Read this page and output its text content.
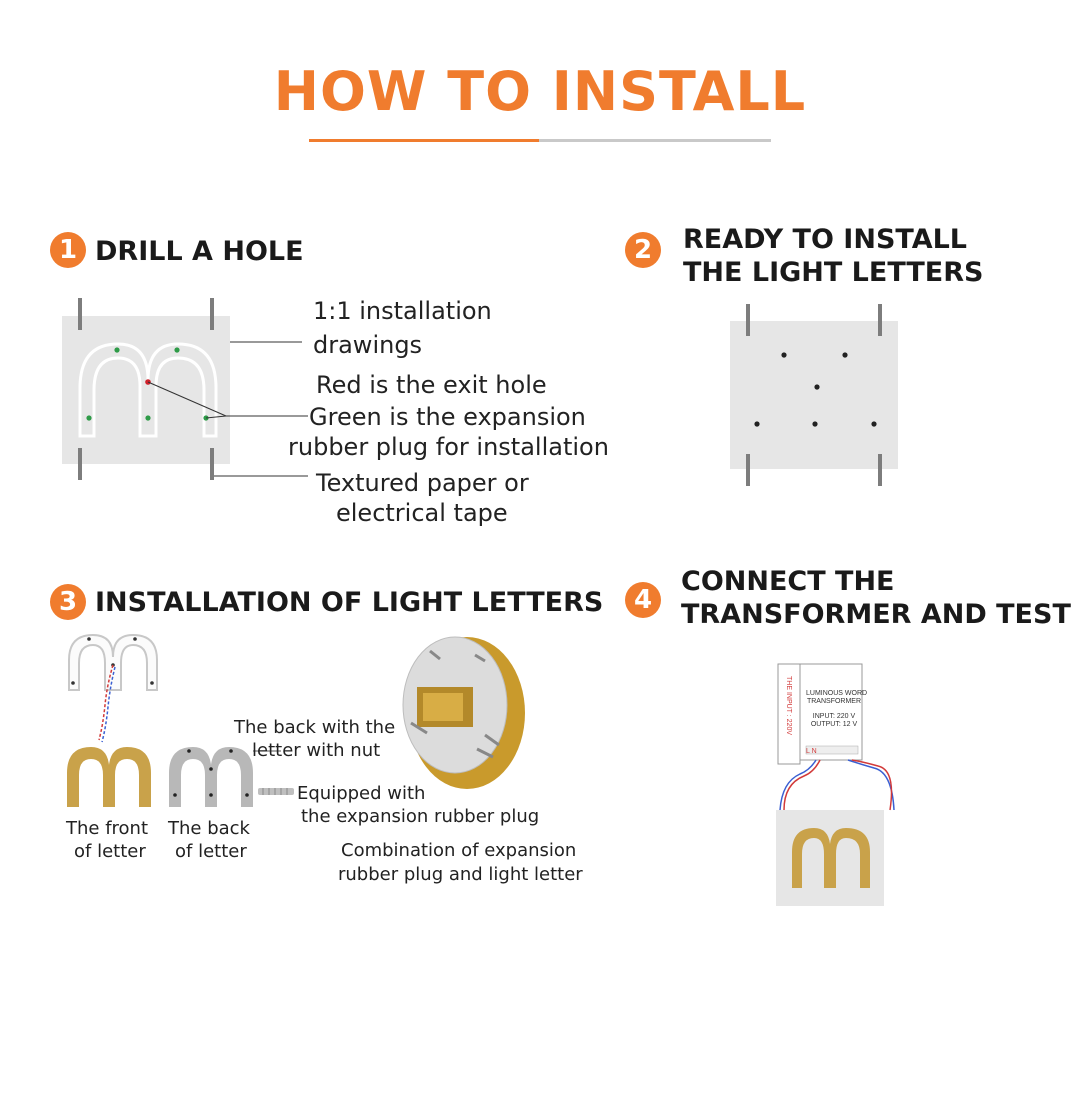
HOW TO INSTALL
1 DRILL A HOLE
1:1 installation
drawings
Red is the exit hole
Green is the expansion
rubber plug for installation
Textured paper or
electrical tape
2	READY TO INSTALL
THE LIGHT LETTERS
3 INSTALLATION OF LIGHT LETTERS
The back with the
letter with nut
Equipped with
the expansion rubber plug
Combination of expansion
rubber plug and light letter
The front
of letter
The back
of letter
4
CONNECT THE
TRANSFORMER AND TEST
THE INPUT : 220V LUMINOUS WORD
TRANSFORMER
INPUT: 220 V
OUTPUT: 12 V
L N
